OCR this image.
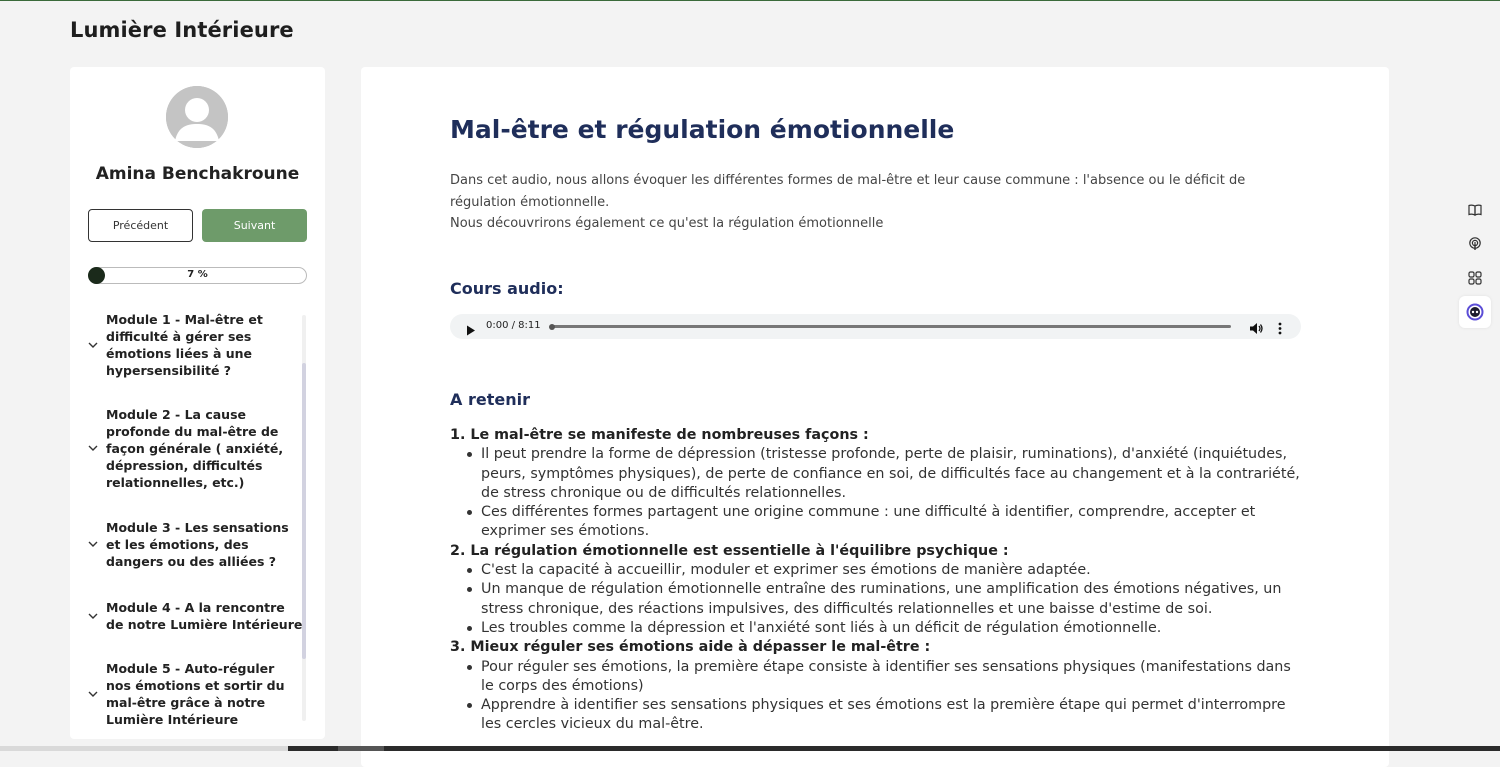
Lumière Intérieure
Amina Benchakroune
Précédent	Suivant
7 %
Module 1 - Mal-être et difficulté à gérer ses émotions liées à une hypersensibilité ?
Module 2 - La cause profonde du mal-être de façon générale ( anxiété, dépression, difficultés relationnelles, etc.)
Module 3 - Les sensations et les émotions, des dangers ou des alliées ?
Module 4 - A la rencontre de notre Lumière Intérieure
Module 5 - Auto-réguler nos émotions et sortir du mal-être grâce à notre Lumière Intérieure
Mal-être et régulation émotionnelle

Dans cet audio, nous allons évoquer les différentes formes de mal-être et leur cause commune : l'absence ou le déficit de régulation émotionnelle.

Nous découvrirons également ce qu'est la régulation émotionnelle

Cours audio:
0:00 / 8:11
A retenir
1. Le mal-être se manifeste de nombreuses façons :
Il peut prendre la forme de dépression (tristesse profonde, perte de plaisir, ruminations), d'anxiété (inquiétudes, peurs, symptômes physiques), de perte de confiance en soi, de difficultés face au changement et à la contrariété, de stress chronique ou de difficultés relationnelles.
Ces différentes formes partagent une origine commune : une difficulté à identifier, comprendre, accepter et exprimer ses émotions.
2. La régulation émotionnelle est essentielle à l'équilibre psychique :
C'est la capacité à accueillir, moduler et exprimer ses émotions de manière adaptée.
Un manque de régulation émotionnelle entraîne des ruminations, une amplification des émotions négatives, un stress chronique, des réactions impulsives, des difficultés relationnelles et une baisse d'estime de soi.
Les troubles comme la dépression et l'anxiété sont liés à un déficit de régulation émotionnelle.
3. Mieux réguler ses émotions aide à dépasser le mal-être :
Pour réguler ses émotions, la première étape consiste à identifier ses sensations physiques (manifestations dans le corps des émotions)
Apprendre à identifier ses sensations physiques et ses émotions est la première étape qui permet d'interrompre les cercles vicieux du mal-être.
